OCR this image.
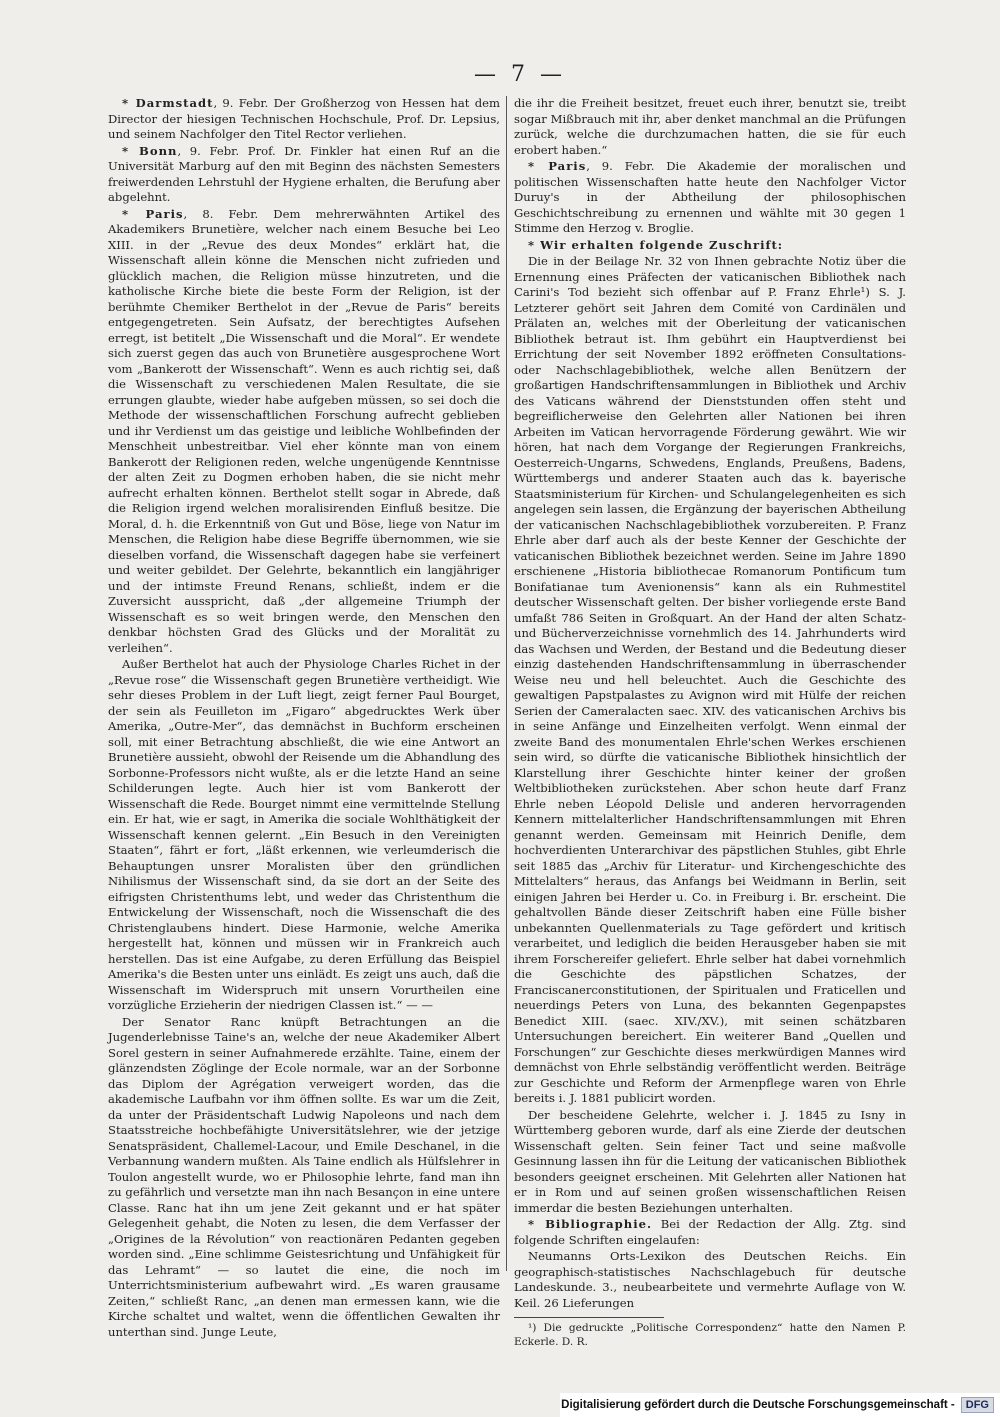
— 7 —

* Darmstadt, 9. Febr. Der Großherzog von Hessen hat dem Director der hiesigen Technischen Hochschule, Prof. Dr. Lepsius, und seinem Nachfolger den Titel Rector verliehen.

* Bonn, 9. Febr. Prof. Dr. Finkler hat einen Ruf an die Universität Marburg auf den mit Beginn des nächsten Semesters freiwerdenden Lehrstuhl der Hygiene erhalten, die Berufung aber abgelehnt.

* Paris, 8. Febr. Dem mehrerwähnten Artikel des Akademikers Brunetière, welcher nach einem Besuche bei Leo XIII. in der „Revue des deux Mondes“ erklärt hat, die Wissenschaft allein könne die Menschen nicht zufrieden und glücklich machen, die Religion müsse hinzutreten, und die katholische Kirche biete die beste Form der Religion, ist der berühmte Chemiker Berthelot in der „Revue de Paris“ bereits entgegengetreten. Sein Aufsatz, der berechtigtes Aufsehen erregt, ist betitelt „Die Wissenschaft und die Moral“. Er wendete sich zuerst gegen das auch von Brunetière ausgesprochene Wort vom „Bankerott der Wissenschaft“. Wenn es auch richtig sei, daß die Wissenschaft zu verschiedenen Malen Resultate, die sie errungen glaubte, wieder habe aufgeben müssen, so sei doch die Methode der wissenschaftlichen Forschung aufrecht geblieben und ihr Verdienst um das geistige und leibliche Wohlbefinden der Menschheit unbestreitbar. Viel eher könnte man von einem Bankerott der Religionen reden, welche ungenügende Kenntnisse der alten Zeit zu Dogmen erhoben haben, die sie nicht mehr aufrecht erhalten können. Berthelot stellt sogar in Abrede, daß die Religion irgend welchen moralisirenden Einfluß besitze. Die Moral, d. h. die Erkenntniß von Gut und Böse, liege von Natur im Menschen, die Religion habe diese Begriffe übernommen, wie sie dieselben vorfand, die Wissenschaft dagegen habe sie verfeinert und weiter gebildet. Der Gelehrte, bekanntlich ein langjähriger und der intimste Freund Renans, schließt, indem er die Zuversicht ausspricht, daß „der allgemeine Triumph der Wissenschaft es so weit bringen werde, den Menschen den denkbar höchsten Grad des Glücks und der Moralität zu verleihen“.

Außer Berthelot hat auch der Physiologe Charles Richet in der „Revue rose“ die Wissenschaft gegen Brunetière vertheidigt. Wie sehr dieses Problem in der Luft liegt, zeigt ferner Paul Bourget, der sein als Feuilleton im „Figaro“ abgedrucktes Werk über Amerika, „Outre-Mer“, das demnächst in Buchform erscheinen soll, mit einer Betrachtung abschließt, die wie eine Antwort an Brunetière aussieht, obwohl der Reisende um die Abhandlung des Sorbonne-Professors nicht wußte, als er die letzte Hand an seine Schilderungen legte. Auch hier ist vom Bankerott der Wissenschaft die Rede. Bourget nimmt eine vermittelnde Stellung ein. Er hat, wie er sagt, in Amerika die sociale Wohlthätigkeit der Wissenschaft kennen gelernt. „Ein Besuch in den Vereinigten Staaten“, fährt er fort, „läßt erkennen, wie verleumderisch die Behauptungen unsrer Moralisten über den gründlichen Nihilismus der Wissenschaft sind, da sie dort an der Seite des eifrigsten Christenthums lebt, und weder das Christenthum die Entwickelung der Wissenschaft, noch die Wissenschaft die des Christenglaubens hindert. Diese Harmonie, welche Amerika hergestellt hat, können und müssen wir in Frankreich auch herstellen. Das ist eine Aufgabe, zu deren Erfüllung das Beispiel Amerika's die Besten unter uns einlädt. Es zeigt uns auch, daß die Wissenschaft im Widerspruch mit unsern Vorurtheilen eine vorzügliche Erzieherin der niedrigen Classen ist.“ — —

Der Senator Ranc knüpft Betrachtungen an die Jugenderlebnisse Taine's an, welche der neue Akademiker Albert Sorel gestern in seiner Aufnahmerede erzählte. Taine, einem der glänzendsten Zöglinge der Ecole normale, war an der Sorbonne das Diplom der Agrégation verweigert worden, das die akademische Laufbahn vor ihm öffnen sollte. Es war um die Zeit, da unter der Präsidentschaft Ludwig Napoleons und nach dem Staatsstreiche hochbefähigte Universitätslehrer, wie der jetzige Senatspräsident, Challemel-Lacour, und Emile Deschanel, in die Verbannung wandern mußten. Als Taine endlich als Hülfslehrer in Toulon angestellt wurde, wo er Philosophie lehrte, fand man ihn zu gefährlich und versetzte man ihn nach Besançon in eine untere Classe. Ranc hat ihn um jene Zeit gekannt und er hat später Gelegenheit gehabt, die Noten zu lesen, die dem Verfasser der „Origines de la Révolution“ von reactionären Pedanten gegeben worden sind. „Eine schlimme Geistesrichtung und Unfähigkeit für das Lehramt“ — so lautet die eine, die noch im Unterrichtsministerium aufbewahrt wird. „Es waren grausame Zeiten,“ schließt Ranc, „an denen man ermessen kann, wie die Kirche schaltet und waltet, wenn die öffentlichen Gewalten ihr unterthan sind. Junge Leute,

die ihr die Freiheit besitzet, freuet euch ihrer, benutzt sie, treibt sogar Mißbrauch mit ihr, aber denket manchmal an die Prüfungen zurück, welche die durchzumachen hatten, die sie für euch erobert haben.“

* Paris, 9. Febr. Die Akademie der moralischen und politischen Wissenschaften hatte heute den Nachfolger Victor Duruy's in der Abtheilung der philosophischen Geschichtschreibung zu ernennen und wählte mit 30 gegen 1 Stimme den Herzog v. Broglie.

* Wir erhalten folgende Zuschrift:

Die in der Beilage Nr. 32 von Ihnen gebrachte Notiz über die Ernennung eines Präfecten der vaticanischen Bibliothek nach Carini's Tod bezieht sich offenbar auf P. Franz Ehrle¹) S. J. Letzterer gehört seit Jahren dem Comité von Cardinälen und Prälaten an, welches mit der Oberleitung der vaticanischen Bibliothek betraut ist. Ihm gebührt ein Hauptverdienst bei Errichtung der seit November 1892 eröffneten Consultations- oder Nachschlagebibliothek, welche allen Benützern der großartigen Handschriftensammlungen in Bibliothek und Archiv des Vaticans während der Dienststunden offen steht und begreiflicherweise den Gelehrten aller Nationen bei ihren Arbeiten im Vatican hervorragende Förderung gewährt. Wie wir hören, hat nach dem Vorgange der Regierungen Frankreichs, Oesterreich-Ungarns, Schwedens, Englands, Preußens, Badens, Württembergs und anderer Staaten auch das k. bayerische Staatsministerium für Kirchen- und Schulangelegenheiten es sich angelegen sein lassen, die Ergänzung der bayerischen Abtheilung der vaticanischen Nachschlagebibliothek vorzubereiten. P. Franz Ehrle aber darf auch als der beste Kenner der Geschichte der vaticanischen Bibliothek bezeichnet werden. Seine im Jahre 1890 erschienene „Historia bibliothecae Romanorum Pontificum tum Bonifatianae tum Avenionensis“ kann als ein Ruhmestitel deutscher Wissenschaft gelten. Der bisher vorliegende erste Band umfaßt 786 Seiten in Großquart. An der Hand der alten Schatz- und Bücherverzeichnisse vornehmlich des 14. Jahrhunderts wird das Wachsen und Werden, der Bestand und die Bedeutung dieser einzig dastehenden Handschriftensammlung in überraschender Weise neu und hell beleuchtet. Auch die Geschichte des gewaltigen Papstpalastes zu Avignon wird mit Hülfe der reichen Serien der Cameralacten saec. XIV. des vaticanischen Archivs bis in seine Anfänge und Einzelheiten verfolgt. Wenn einmal der zweite Band des monumentalen Ehrle'schen Werkes erschienen sein wird, so dürfte die vaticanische Bibliothek hinsichtlich der Klarstellung ihrer Geschichte hinter keiner der großen Weltbibliotheken zurückstehen. Aber schon heute darf Franz Ehrle neben Léopold Delisle und anderen hervorragenden Kennern mittelalterlicher Handschriftensammlungen mit Ehren genannt werden. Gemeinsam mit Heinrich Denifle, dem hochverdienten Unterarchivar des päpstlichen Stuhles, gibt Ehrle seit 1885 das „Archiv für Literatur- und Kirchengeschichte des Mittelalters“ heraus, das Anfangs bei Weidmann in Berlin, seit einigen Jahren bei Herder u. Co. in Freiburg i. Br. erscheint. Die gehaltvollen Bände dieser Zeitschrift haben eine Fülle bisher unbekannten Quellenmaterials zu Tage gefördert und kritisch verarbeitet, und lediglich die beiden Herausgeber haben sie mit ihrem Forschereifer geliefert. Ehrle selber hat dabei vornehmlich die Geschichte des päpstlichen Schatzes, der Franciscanerconstitutionen, der Spiritualen und Fraticellen und neuerdings Peters von Luna, des bekannten Gegenpapstes Benedict XIII. (saec. XIV./XV.), mit seinen schätzbaren Untersuchungen bereichert. Ein weiterer Band „Quellen und Forschungen“ zur Geschichte dieses merkwürdigen Mannes wird demnächst von Ehrle selbständig veröffentlicht werden. Beiträge zur Geschichte und Reform der Armenpflege waren von Ehrle bereits i. J. 1881 publicirt worden.

Der bescheidene Gelehrte, welcher i. J. 1845 zu Isny in Württemberg geboren wurde, darf als eine Zierde der deutschen Wissenschaft gelten. Sein feiner Tact und seine maßvolle Gesinnung lassen ihn für die Leitung der vaticanischen Bibliothek besonders geeignet erscheinen. Mit Gelehrten aller Nationen hat er in Rom und auf seinen großen wissenschaftlichen Reisen immerdar die besten Beziehungen unterhalten.

* Bibliographie. Bei der Redaction der Allg. Ztg. sind folgende Schriften eingelaufen:

Neumanns Orts-Lexikon des Deutschen Reichs. Ein geographisch-statistisches Nachschlagebuch für deutsche Landeskunde. 3., neubearbeitete und vermehrte Auflage von W. Keil. 26 Lieferungen

¹) Die gedruckte „Politische Correspondenz“ hatte den Namen P. Eckerle. D. R.

Digitalisierung gefördert durch die Deutsche Forschungsgemeinschaft -	DFG
